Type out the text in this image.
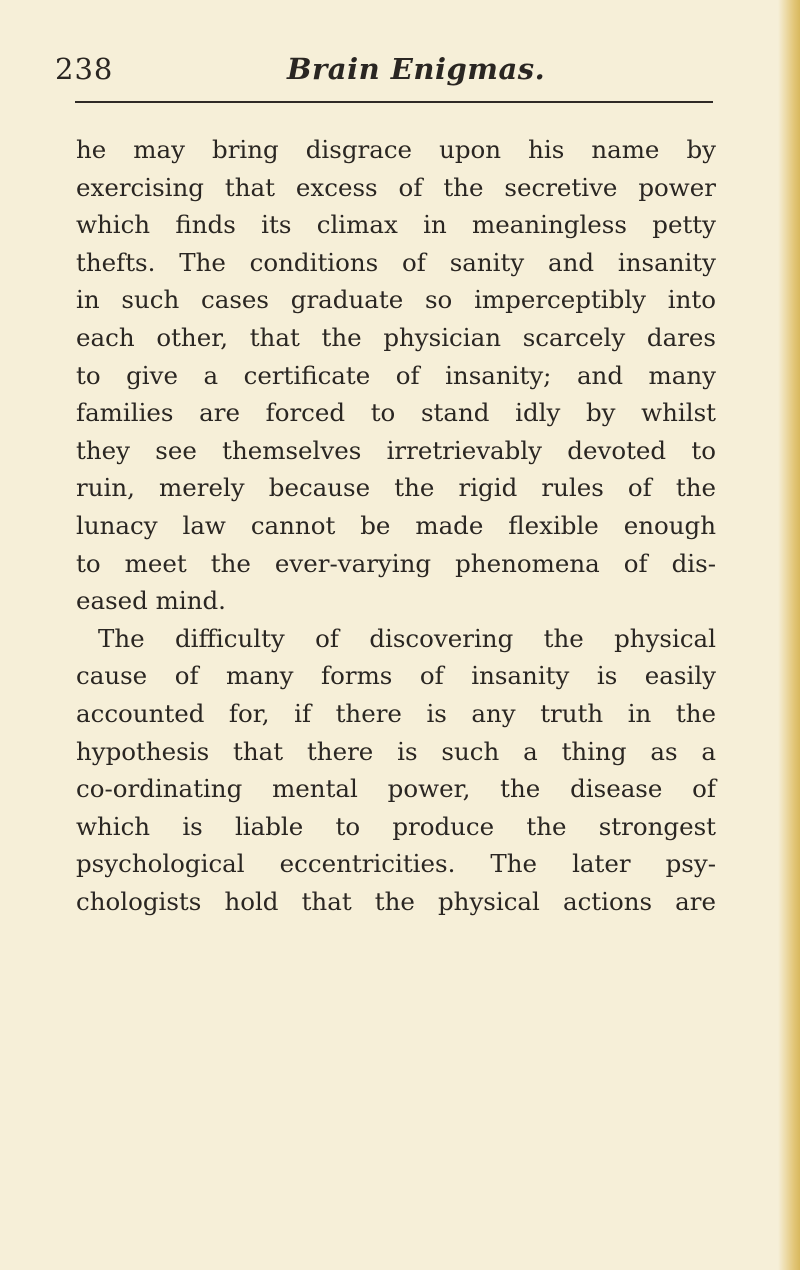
238	Brain Enigmas.
he may bring disgrace upon his name by
exercising that excess of the secretive power
which finds its climax in meaningless petty
thefts. The conditions of sanity and insanity
in such cases graduate so imperceptibly into
each other, that the physician scarcely dares
to give a certificate of insanity; and many
families are forced to stand idly by whilst
they see themselves irretrievably devoted to
ruin, merely because the rigid rules of the
lunacy law cannot be made flexible enough
to meet the ever-varying phenomena of dis-
eased mind.
The difficulty of discovering the physical
cause of many forms of insanity is easily
accounted for, if there is any truth in the
hypothesis that there is such a thing as a
co-ordinating mental power, the disease of
which is liable to produce the strongest
psychological eccentricities. The later psy-
chologists hold that the physical actions are
